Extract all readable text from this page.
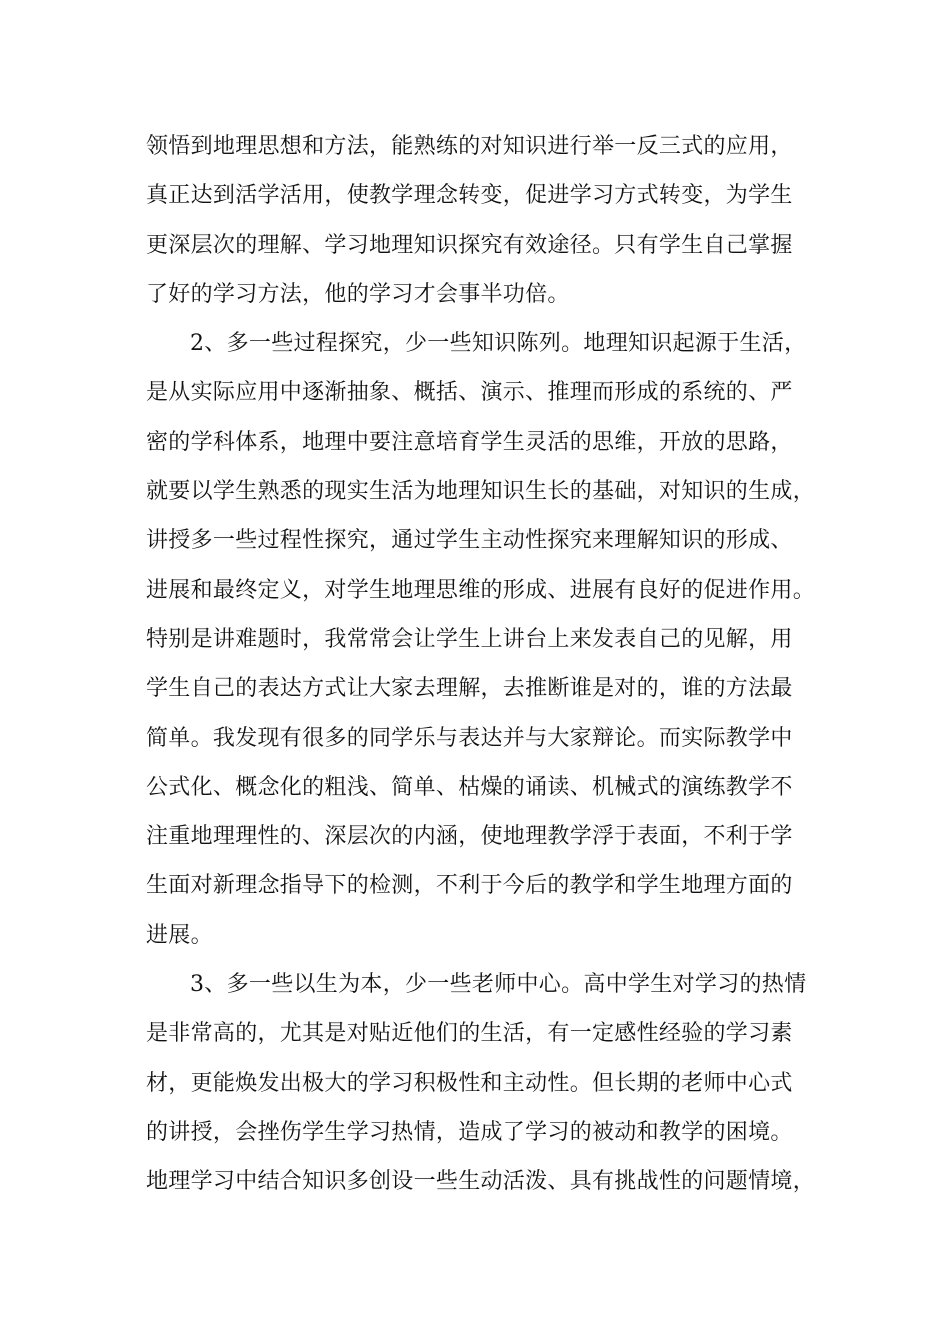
领悟到地理思想和方法，能熟练的对知识进行举一反三式的应用，
真正达到活学活用，使教学理念转变，促进学习方式转变，为学生
更深层次的理解、学习地理知识探究有效途径。只有学生自己掌握
了好的学习方法，他的学习才会事半功倍。
2、多一些过程探究，少一些知识陈列。地理知识起源于生活，
是从实际应用中逐渐抽象、概括、演示、推理而形成的系统的、严
密的学科体系，地理中要注意培育学生灵活的思维，开放的思路，
就要以学生熟悉的现实生活为地理知识生长的基础，对知识的生成，
讲授多一些过程性探究，通过学生主动性探究来理解知识的形成、
进展和最终定义，对学生地理思维的形成、进展有良好的促进作用。
特别是讲难题时，我常常会让学生上讲台上来发表自己的见解，用
学生自己的表达方式让大家去理解，去推断谁是对的，谁的方法最
简单。我发现有很多的同学乐与表达并与大家辩论。而实际教学中
公式化、概念化的粗浅、简单、枯燥的诵读、机械式的演练教学不
注重地理理性的、深层次的内涵，使地理教学浮于表面，不利于学
生面对新理念指导下的检测，不利于今后的教学和学生地理方面的
进展。
3、多一些以生为本，少一些老师中心。高中学生对学习的热情
是非常高的，尤其是对贴近他们的生活，有一定感性经验的学习素
材，更能焕发出极大的学习积极性和主动性。但长期的老师中心式
的讲授，会挫伤学生学习热情，造成了学习的被动和教学的困境。
地理学习中结合知识多创设一些生动活泼、具有挑战性的问题情境，
